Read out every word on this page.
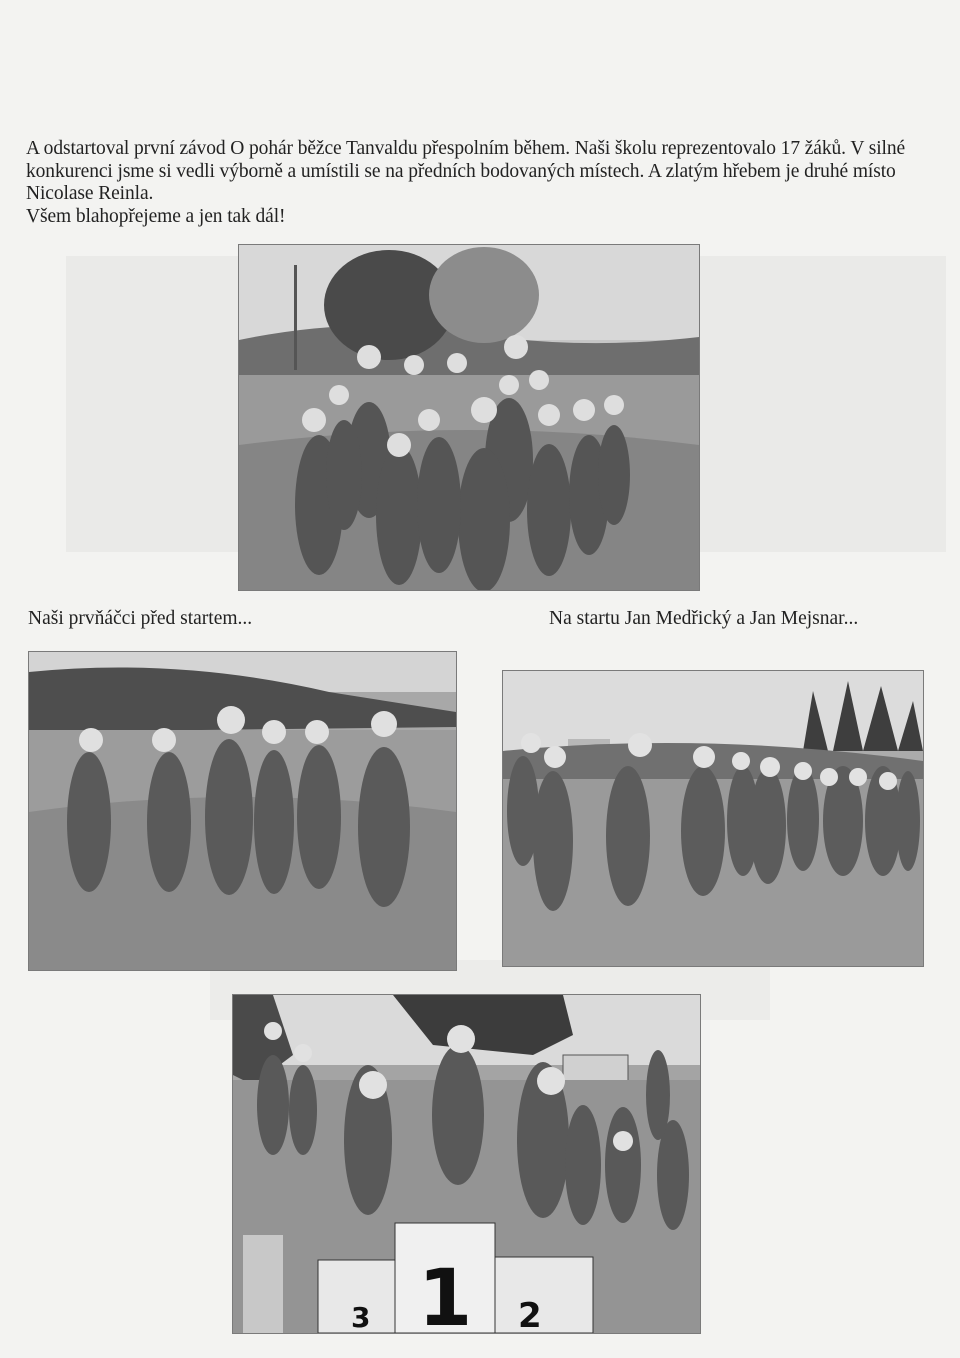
A odstartoval první závod O pohár běžce Tanvaldu přespolním během. Naši školu reprezentovalo 17 žáků. V silné
konkurenci jsme si vedli výborně a umístili se na předních bodovaných místech. A zlatým hřebem je druhé místo
Nicolase Reinla.
Všem blahopřejeme a jen tak dál!
Naši prvňáčci před startem...	Na startu Jan Medřický a Jan Mejsnar...
3 1 2
